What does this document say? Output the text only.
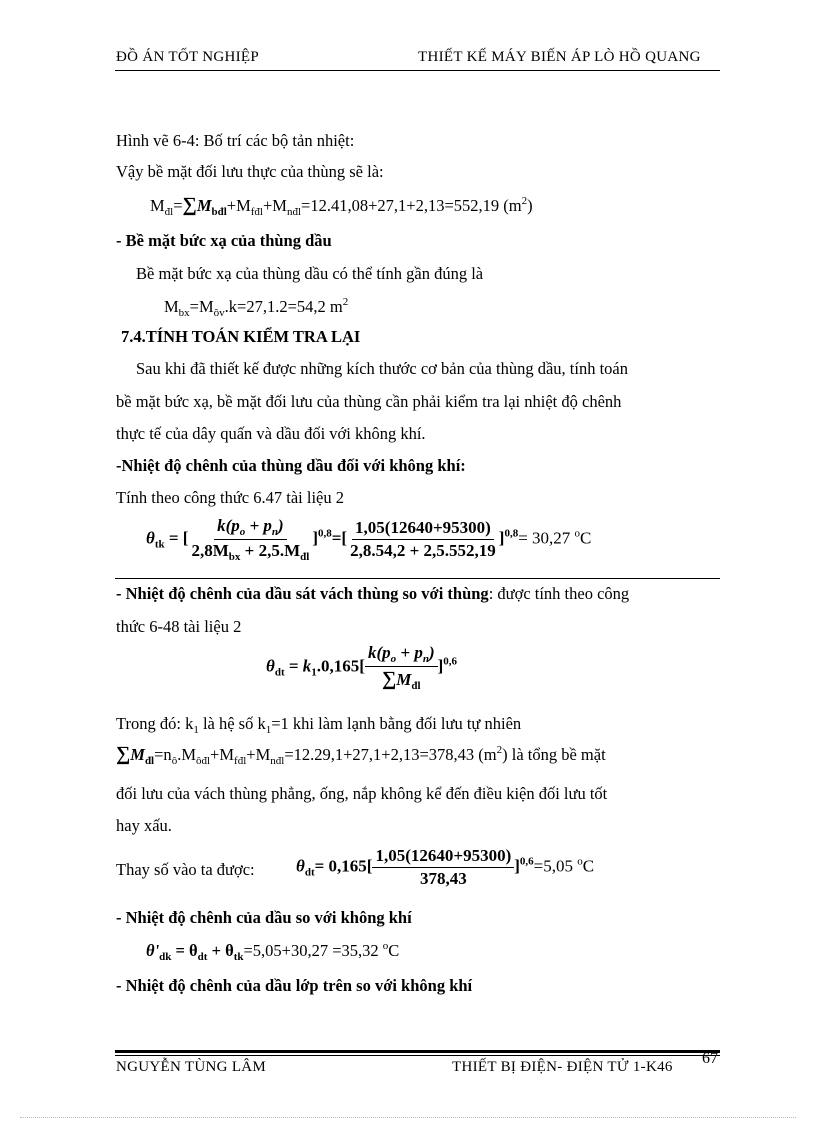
ĐỒ ÁN TỐT NGHIỆP	THIẾT KẾ MÁY BIẾN ÁP LÒ HỒ QUANG
Hình vẽ 6-4: Bố trí các bộ tản nhiệt:
Vậy bề mặt đối lưu thực của thùng sẽ là:
$M_{đl}=\sum M_{bđl}+M_{fđl}+M_{nđl}=12.41,08+27,1+2,13=552,19$ $(m^2)$
- Bề mặt bức xạ của thùng dầu
Bề mặt bức xạ của thùng dầu có thể tính gần đúng là
$M_{bx}=M_{ôv}.k=27,1.2=54,2$ $m^2$
7.4.TÍNH TOÁN KIỂM TRA LẠI
Sau khi đã thiết kế được những kích thước cơ bản của thùng dầu, tính toán
bề mặt bức xạ, bề mặt đối lưu của thùng cần phải kiểm tra lại nhiệt độ chênh
thực tế của dây quấn và dầu đối với không khí.
-Nhiệt độ chênh của thùng dầu đối với không khí:
Tính theo công thức 6.47 tài liệu 2
$\theta_{tk}$ = [ $\frac{k(p_o + p_n)}{2,8M_{bx} + 2,5.M_{đl}} ]^{0,8}=[ \frac{1,05(12640+95300)}{2,8.54,2 + 2,5.552,19} ]^{0,8}= 30,27$ $^o$C
- Nhiệt độ chênh của dầu sát vách thùng so với thùng: được tính theo công
thức 6-48 tài liệu 2
$\theta_{dt} = k_1.0,165[ \frac{k(p_o + p_n)}{\sum M_{đl}} ]^{0,6}$
Trong đó: $k_1$ là hệ số $k_1=1$ khi làm lạnh bằng đối lưu tự nhiên
$\sum M_{đl}=n_ô.M_{ôđl}+M_{fđl}+M_{nđl}=12.29,1+27,1+2,13=378,43$ $(m^2)$ là tổng bề mặt
đối lưu của vách thùng phẳng, ống, nắp không kể đến điều kiện đối lưu tốt
hay xấu.
Thay số vào ta được: $\theta_{dt}= 0,165[ \frac{1,05(12640+95300)}{378,43} ]^{0,6}=5,05$ $^o$C
- Nhiệt độ chênh của dầu so với không khí
$\theta'_{dk} = \theta_{dt} + \theta_{tk}=5,05+30,27 =35,32$ $^o$C
- Nhiệt độ chênh của dầu lớp trên so với không khí
NGUYỄN TÙNG LÂM	THIẾT BỊ ĐIỆN- ĐIỆN TỬ 1-K46 67
